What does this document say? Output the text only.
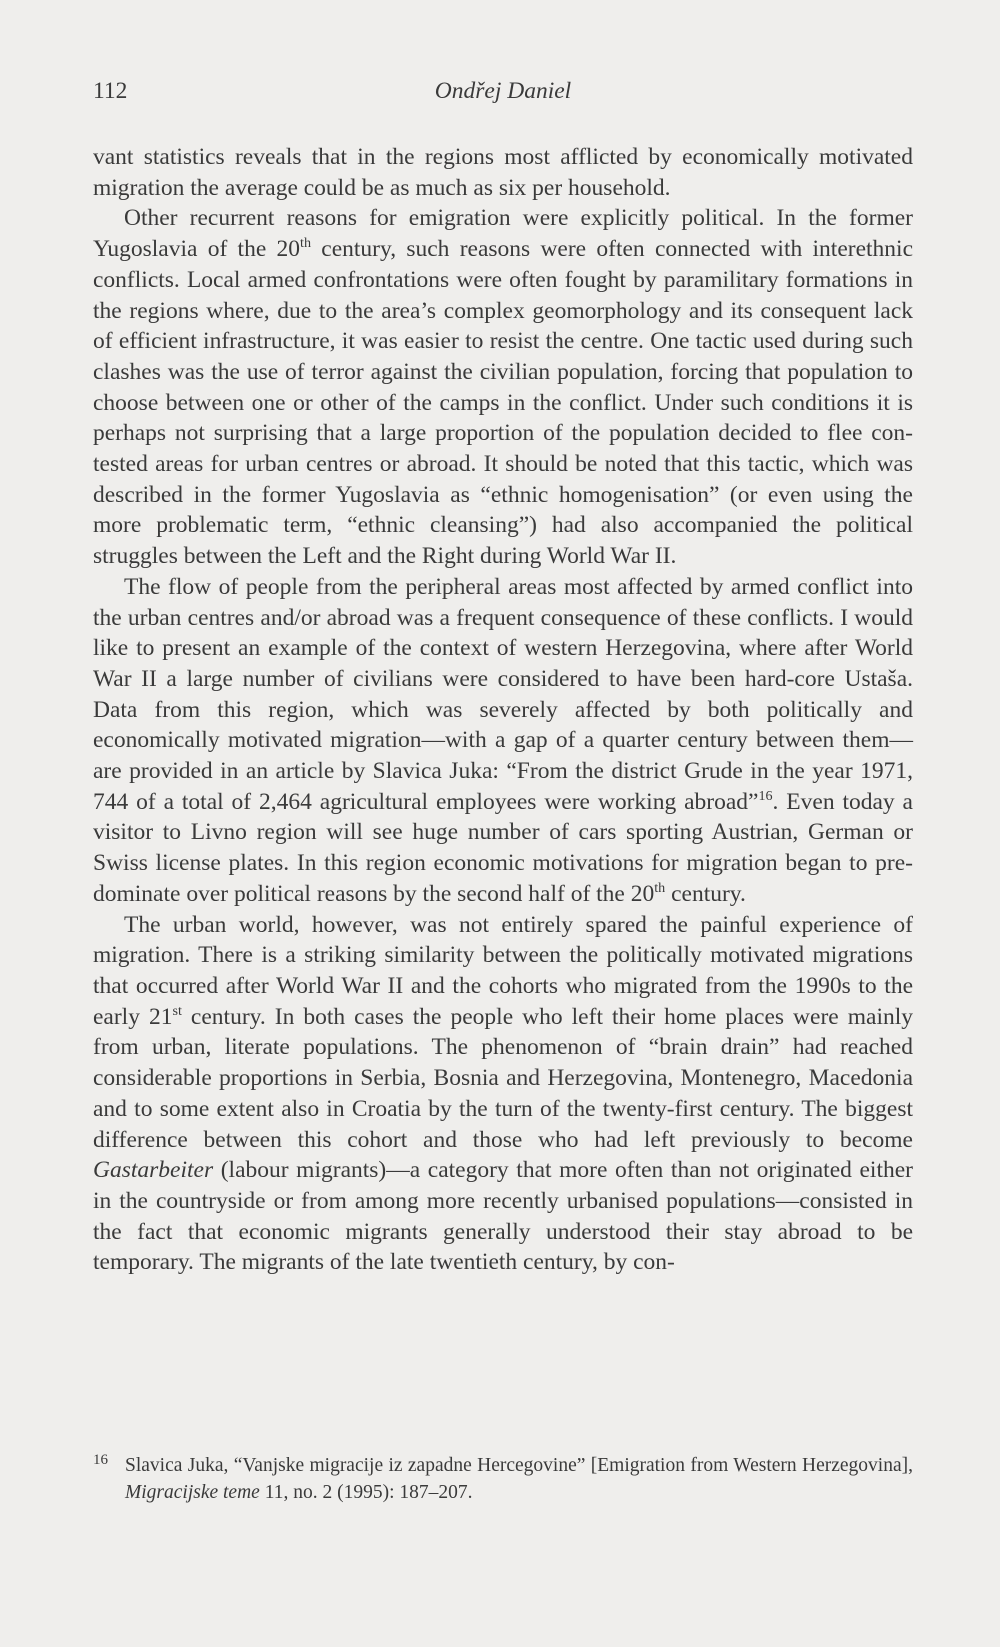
112	Ondřej Daniel

vant statistics reveals that in the regions most afflicted by economically motivated migration the average could be as much as six per household.

Other recurrent reasons for emigration were explicitly political. In the former Yugoslavia of the 20th century, such reasons were often connected with interethnic conflicts. Local armed confrontations were often fought by paramilitary formations in the regions where, due to the area’s complex geomorphology and its consequent lack of efficient infrastructure, it was easier to resist the centre. One tactic used during such clashes was the use of terror against the civilian population, forcing that population to choose between one or other of the camps in the conflict. Under such conditions it is perhaps not surprising that a large proportion of the population decided to flee contested areas for urban centres or abroad. It should be noted that this tactic, which was described in the former Yugoslavia as “ethnic homogenisation” (or even using the more problematic term, “ethnic cleansing”) had also accompanied the political struggles between the Left and the Right during World War II.

The flow of people from the peripheral areas most affected by armed conflict into the urban centres and/or abroad was a frequent consequence of these conflicts. I would like to present an example of the context of western Herzegovina, where after World War II a large number of civilians were considered to have been hard-core Ustaša. Data from this region, which was severely affected by both politically and economically motivated migration—with a gap of a quarter century between them—are provided in an article by Slavica Juka: “From the district Grude in the year 1971, 744 of a total of 2,464 agricultural employees were working abroad”$^{16}$. Even today a visitor to Livno region will see huge number of cars sporting Austrian, German or Swiss license plates. In this region economic motivations for migration began to predominate over political reasons by the second half of the 20th century.

The urban world, however, was not entirely spared the painful experience of migration. There is a striking similarity between the politically motivated migrations that occurred after World War II and the cohorts who migrated from the 1990s to the early 21st century. In both cases the people who left their home places were mainly from urban, literate populations. The phenomenon of “brain drain” had reached considerable proportions in Serbia, Bosnia and Herzegovina, Montenegro, Macedonia and to some extent also in Croatia by the turn of the twenty-first century. The biggest difference between this cohort and those who had left previously to become Gastarbeiter (labour migrants)—a category that more often than not originated either in the countryside or from among more recently urbanised populations—consisted in the fact that economic migrants generally understood their stay abroad to be temporary. The migrants of the late twentieth century, by con-

16 Slavica Juka, “Vanjske migracije iz zapadne Hercegovine” [Emigration from Western Herzegovina], Migracijske teme 11, no. 2 (1995): 187–207.
